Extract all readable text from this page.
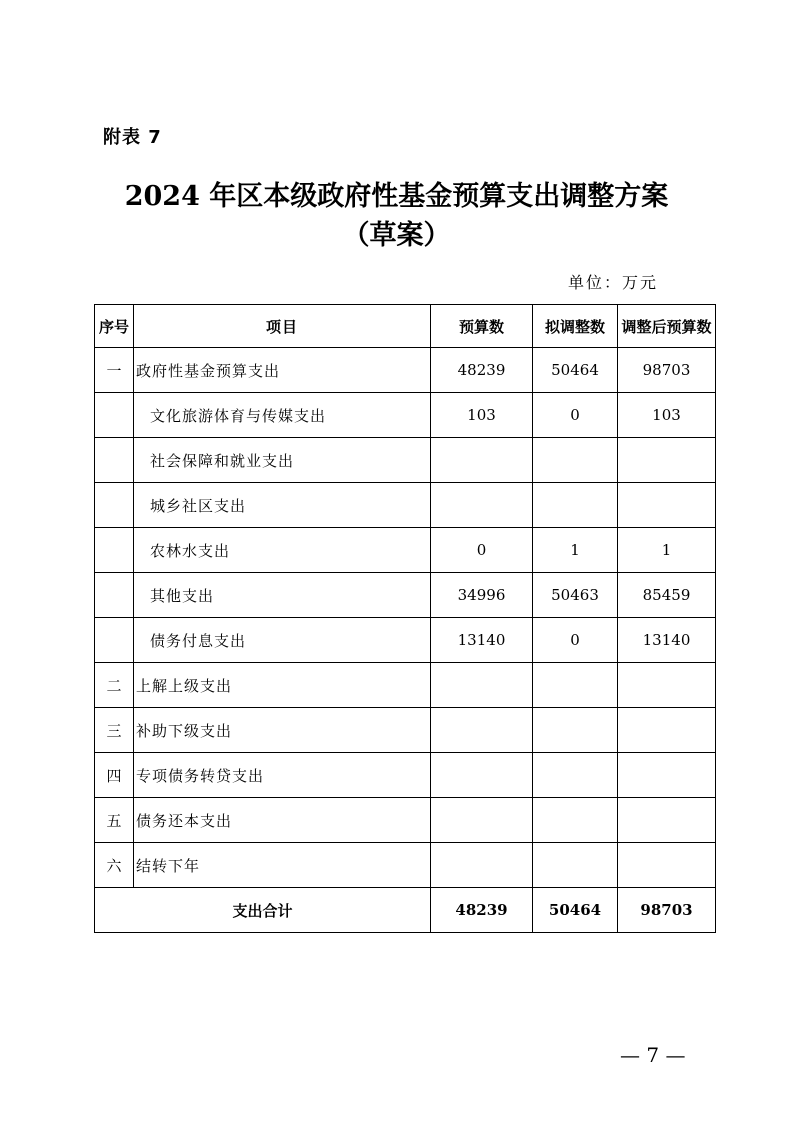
附表 7
2024 年区本级政府性基金预算支出调整方案
（草案）
单位：万元
序号	项目	预算数	拟调整数	调整后预算数
一	政府性基金预算支出	48239	50464	98703
	文化旅游体育与传媒支出	103	0	103
	社会保障和就业支出			
	城乡社区支出			
	农林水支出	0	1	1
	其他支出	34996	50463	85459
	债务付息支出	13140	0	13140
二	上解上级支出			
三	补助下级支出			
四	专项债务转贷支出			
五	债务还本支出			
六	结转下年			
支出合计		48239	50464	98703
— 7 —
